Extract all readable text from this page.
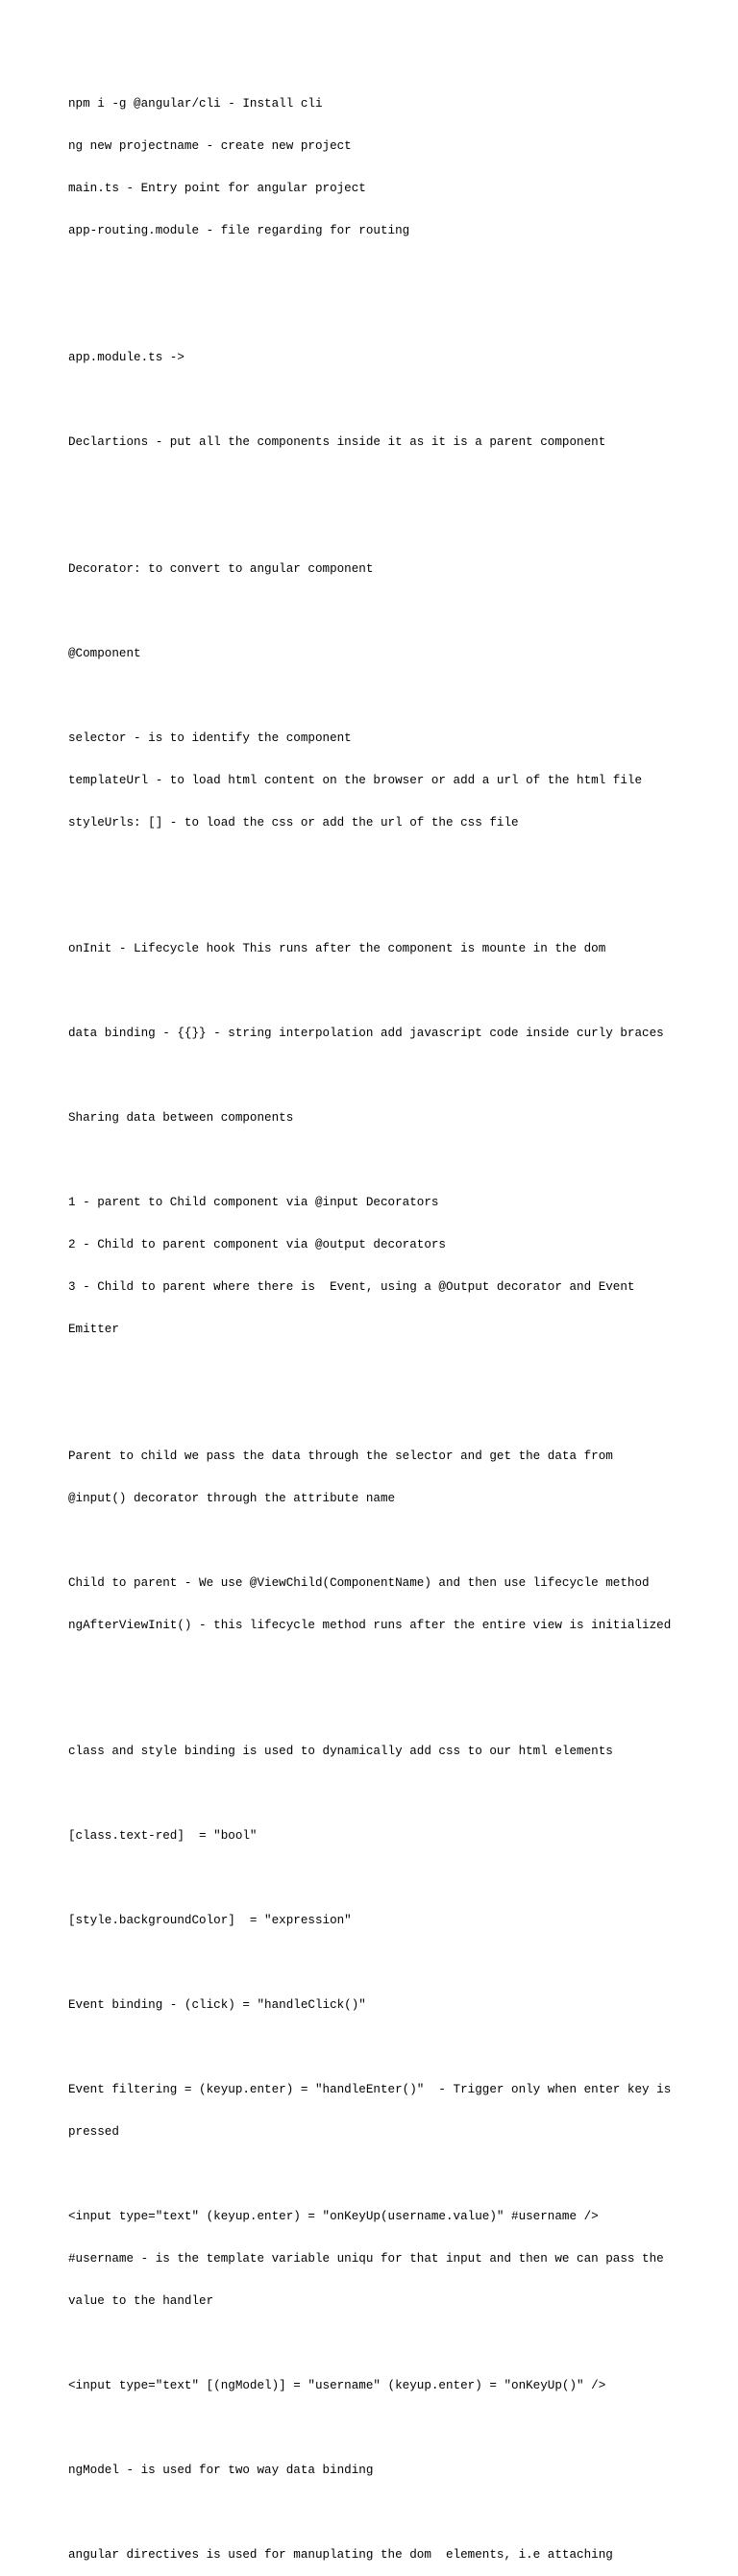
npm i -g @angular/cli - Install cli

ng new projectname - create new project

main.ts - Entry point for angular project

app-routing.module - file regarding for routing

app.module.ts ->

Declartions - put all the components inside it as it is a parent component

Decorator: to convert to angular component

@Component

selector - is to identify the component

templateUrl - to load html content on the browser or add a url of the html file

styleUrls: [] - to load the css or add the url of the css file

onInit - Lifecycle hook This runs after the component is mounte in the dom

data binding - {{}} - string interpolation add javascript code inside curly braces

Sharing data between components

1 - parent to Child component via @input Decorators

2 - Child to parent component via @output decorators

3 - Child to parent where there is  Event, using a @Output decorator and Event

Emitter

Parent to child we pass the data through the selector and get the data from

@input() decorator through the attribute name

Child to parent - We use @ViewChild(ComponentName) and then use lifecycle method

ngAfterViewInit() - this lifecycle method runs after the entire view is initialized

class and style binding is used to dynamically add css to our html elements

[class.text-red]  = "bool"

[style.backgroundColor]  = "expression"

Event binding - (click) = "handleClick()"

Event filtering = (keyup.enter) = "handleEnter()"  - Trigger only when enter key is

pressed

<input type="text" (keyup.enter) = "onKeyUp(username.value)" #username />

#username - is the template variable uniqu for that input and then we can pass the

value to the handler

<input type="text" [(ngModel)] = "username" (keyup.enter) = "onKeyUp()" />

ngModel - is used for two way data binding

angular directives is used for manuplating the dom  elements, i.e attaching
